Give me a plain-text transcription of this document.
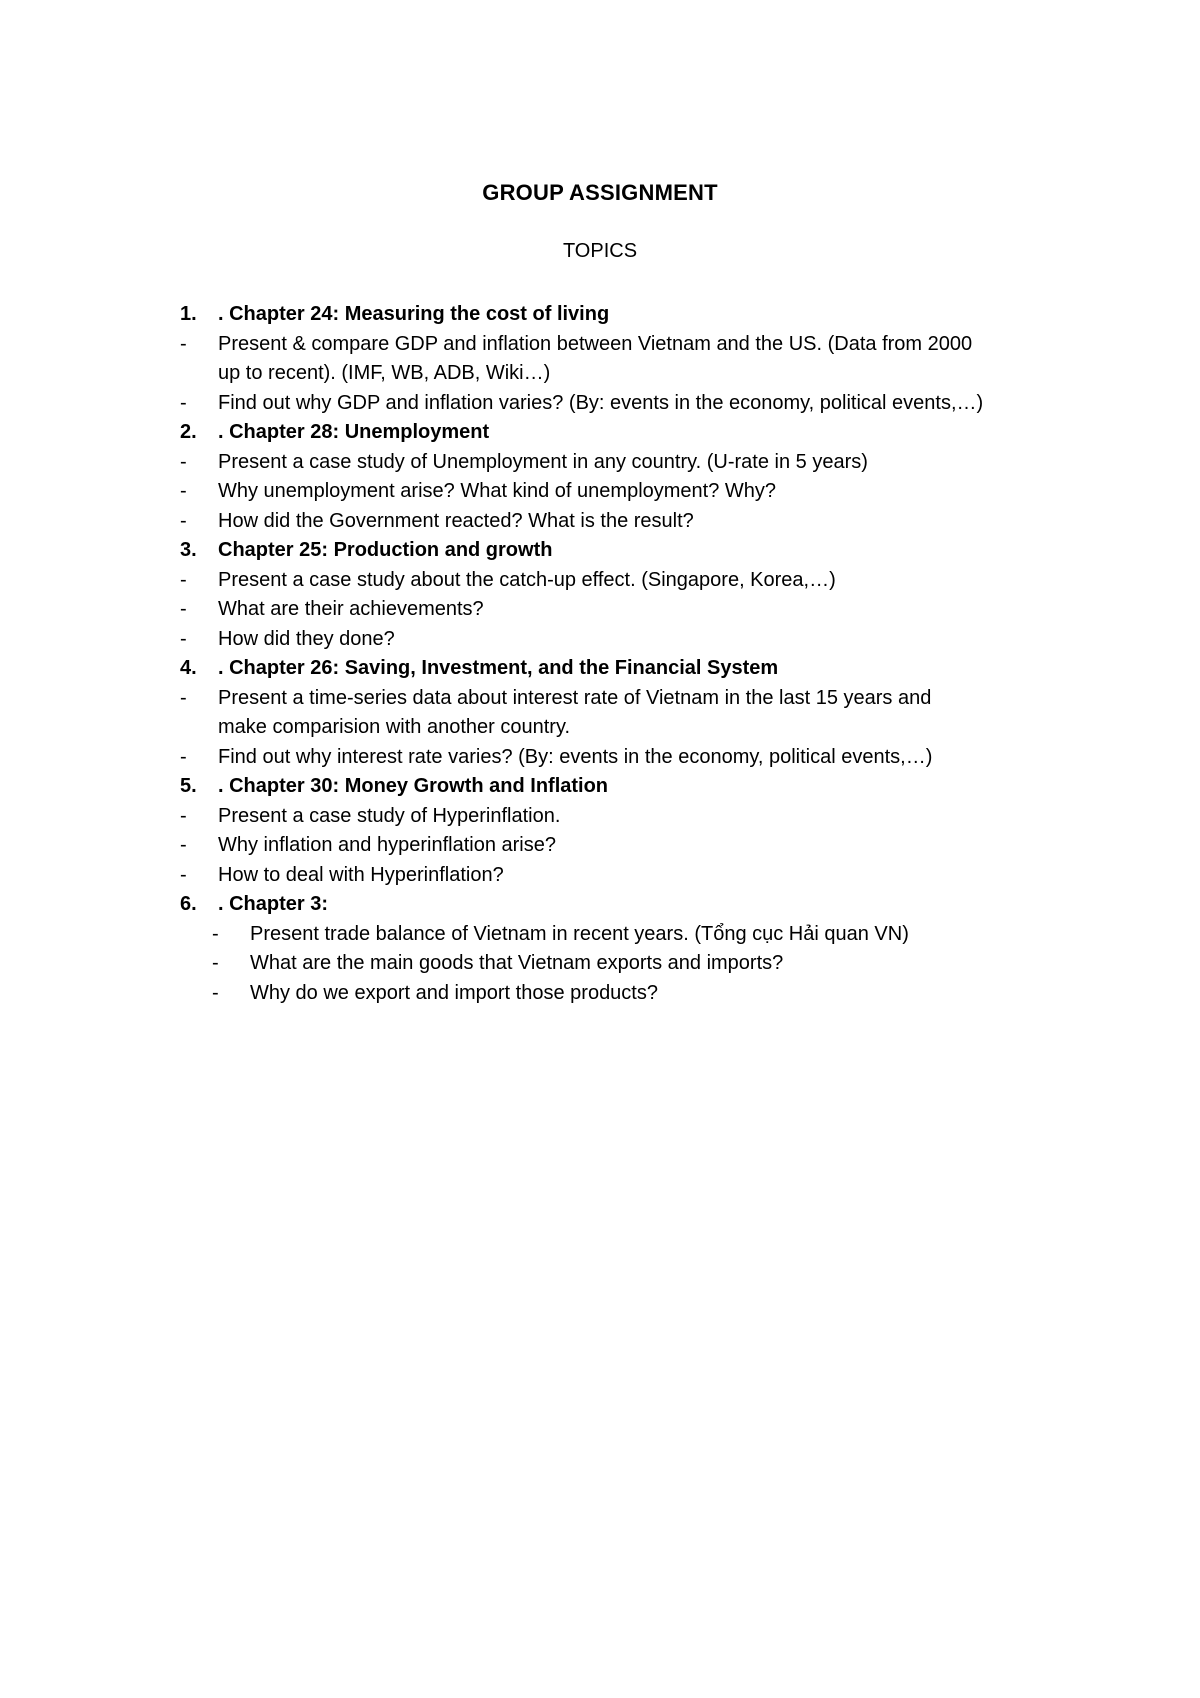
GROUP ASSIGNMENT
TOPICS
1.	. Chapter 24: Measuring the cost of living
-	Present & compare GDP and inflation between Vietnam and the US. (Data from 2000
up to recent). (IMF, WB, ADB, Wiki…)
-	Find out why GDP and inflation varies? (By: events in the economy, political events,…)
2.	. Chapter 28: Unemployment
-	Present a case study of Unemployment in any country. (U-rate in 5 years)
-	Why unemployment arise? What kind of unemployment? Why?
-	How did the Government reacted? What is the result?
3.	Chapter 25: Production and growth
-	Present a case study about the catch-up effect. (Singapore, Korea,…)
-	What are their achievements?
-	How did they done?
4.	. Chapter 26: Saving, Investment, and the Financial System
-	Present a time-series data about interest rate of Vietnam in the last 15 years and
make comparision with another country.
-	Find out why interest rate varies? (By: events in the economy, political events,…)
5.	. Chapter 30: Money Growth and Inflation
-	Present a case study of Hyperinflation.
-	Why inflation and hyperinflation arise?
-	How to deal with Hyperinflation?
6.	. Chapter 3:
-	Present trade balance of Vietnam in recent years. (Tổng cục Hải quan VN)
-	What are the main goods that Vietnam exports and imports?
-	Why do we export and import those products?
